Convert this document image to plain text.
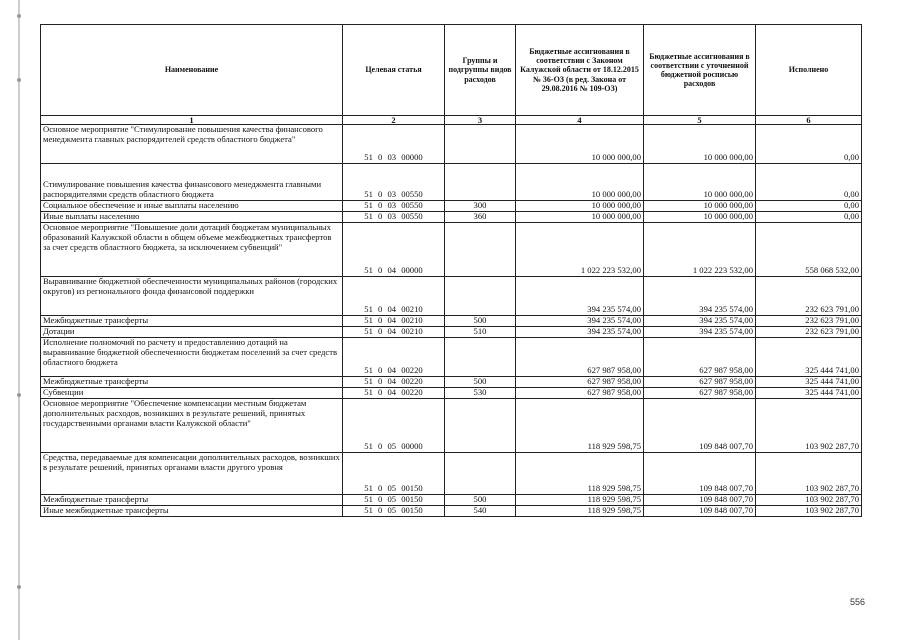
Наименование	Целевая статья	Группы и подгруппы видов расходов	Бюджетные ассигнования в соответствии с Законом Калужской области от 18.12.2015 № 36-ОЗ (в ред. Закона от 29.08.2016 № 109-ОЗ)	Бюджетные ассигнования в соответствии с уточненной бюджетной росписью расходов	Исполнено
1	2	3	4	5	6
Основное мероприятие "Стимулирование повышения качества финансового менеджмента главных распорядителей средств областного бюджета"	51 0 03 00000		10 000 000,00	10 000 000,00	0,00
Стимулирование повышения качества финансового менеджмента главными распорядителями средств областного бюджета	51 0 03 00550		10 000 000,00	10 000 000,00	0,00
Социальное обеспечение и иные выплаты населению	51 0 03 00550	300	10 000 000,00	10 000 000,00	0,00
Иные выплаты населению	51 0 03 00550	360	10 000 000,00	10 000 000,00	0,00
Основное мероприятие "Повышение доли дотаций бюджетам муниципальных образований Калужской области в общем объеме межбюджетных трансфертов за счет средств областного бюджета, за исключением субвенций"	51 0 04 00000		1 022 223 532,00	1 022 223 532,00	558 068 532,00
Выравнивание бюджетной обеспеченности муниципальных районов (городских округов) из регионального фонда финансовой поддержки	51 0 04 00210		394 235 574,00	394 235 574,00	232 623 791,00
Межбюджетные трансферты	51 0 04 00210	500	394 235 574,00	394 235 574,00	232 623 791,00
Дотации	51 0 04 00210	510	394 235 574,00	394 235 574,00	232 623 791,00
Исполнение полномочий по расчету и предоставлению дотаций на выравнивание бюджетной обеспеченности бюджетам поселений за счет средств областного бюджета	51 0 04 00220		627 987 958,00	627 987 958,00	325 444 741,00
Межбюджетные трансферты	51 0 04 00220	500	627 987 958,00	627 987 958,00	325 444 741,00
Субвенции	51 0 04 00220	530	627 987 958,00	627 987 958,00	325 444 741,00
Основное мероприятие "Обеспечение компенсации местным бюджетам дополнительных расходов, возникших в результате решений, принятых государственными органами власти Калужской области"	51 0 05 00000		118 929 598,75	109 848 007,70	103 902 287,70
Средства, передаваемые для компенсации дополнительных расходов, возникших в результате решений, принятых органами власти другого уровня	51 0 05 00150		118 929 598,75	109 848 007,70	103 902 287,70
Межбюджетные трансферты	51 0 05 00150	500	118 929 598,75	109 848 007,70	103 902 287,70
Иные межбюджетные трансферты	51 0 05 00150	540	118 929 598,75	109 848 007,70	103 902 287,70
556
